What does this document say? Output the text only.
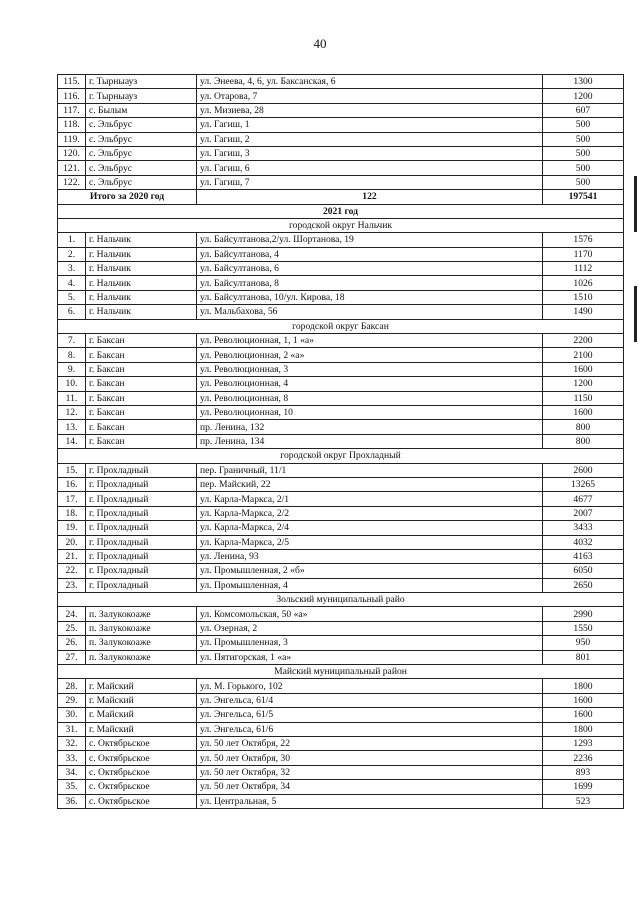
40
115.	г. Тырныауз	ул. Энеева, 4, 6, ул. Баксанская, 6	1300
116.	г. Тырныауз	ул. Отарова, 7	1200
117.	с. Былым	ул. Мизиева, 28	607
118.	с. Эльбрус	ул. Гагиш, 1	500
119.	с. Эльбрус	ул. Гагиш, 2	500
120.	с. Эльбрус	ул. Гагиш, 3	500
121.	с. Эльбрус	ул. Гагиш, 6	500
122.	с. Эльбрус	ул. Гагиш, 7	500
Итого за 2020 год		122	197541
2021 год			
городской округ Нальчик			
1.	г. Нальчик	ул. Байсултанова,2/ул. Шортанова, 19	1576
2.	г. Нальчик	ул. Байсултанова, 4	1170
3.	г. Нальчик	ул. Байсултанова, 6	1112
4.	г. Нальчик	ул. Байсултанова, 8	1026
5.	г. Нальчик	ул. Байсултанова, 10/ул. Кирова, 18	1510
6.	г. Нальчик	ул. Мальбахова, 56	1490
городской округ Баксан			
7.	г. Баксан	ул. Революционная, 1, 1 «а»	2200
8.	г. Баксан	ул. Революционная, 2 «а»	2100
9.	г. Баксан	ул. Революционная, 3	1600
10.	г. Баксан	ул. Революционная, 4	1200
11.	г. Баксан	ул. Революционная, 8	1150
12.	г. Баксан	ул. Революционная, 10	1600
13.	г. Баксан	пр. Ленина, 132	800
14.	г. Баксан	пр. Ленина, 134	800
городской округ Прохладный			
15.	г. Прохладный	пер. Граничный, 11/1	2600
16.	г. Прохладный	пер. Майский, 22	13265
17.	г. Прохладный	ул. Карла-Маркса, 2/1	4677
18.	г. Прохладный	ул. Карла-Маркса, 2/2	2007
19.	г. Прохладный	ул. Карла-Маркса, 2/4	3433
20.	г. Прохладный	ул. Карла-Маркса, 2/5	4032
21.	г. Прохладный	ул. Ленина, 93	4163
22.	г. Прохладный	ул. Промышленная, 2 «б»	6050
23.	г. Прохладный	ул. Промышленная, 4	2650
Зольский муниципальный райо			
24.	п. Залукокоаже	ул. Комсомольская, 50 «а»	2990
25.	п. Залукокоаже	ул. Озерная, 2	1550
26.	п. Залукокоаже	ул. Промышленная, 3	950
27.	п. Залукокоаже	ул. Пятигорская, 1 «а»	801
Майский муниципальный район			
28.	г. Майский	ул. М. Горького, 102	1800
29.	г. Майский	ул. Энгельса, 61/4	1600
30.	г. Майский	ул. Энгельса, 61/5	1600
31.	г. Майский	ул. Энгельса, 61/6	1800
32.	с. Октябрьское	ул. 50 лет Октября, 22	1293
33.	с. Октябрьское	ул. 50 лет Октября, 30	2236
34.	с. Октябрьское	ул. 50 лет Октября, 32	893
35.	с. Октябрьское	ул. 50 лет Октября, 34	1699
36.	с. Октябрьское	ул. Центральная, 5	523
